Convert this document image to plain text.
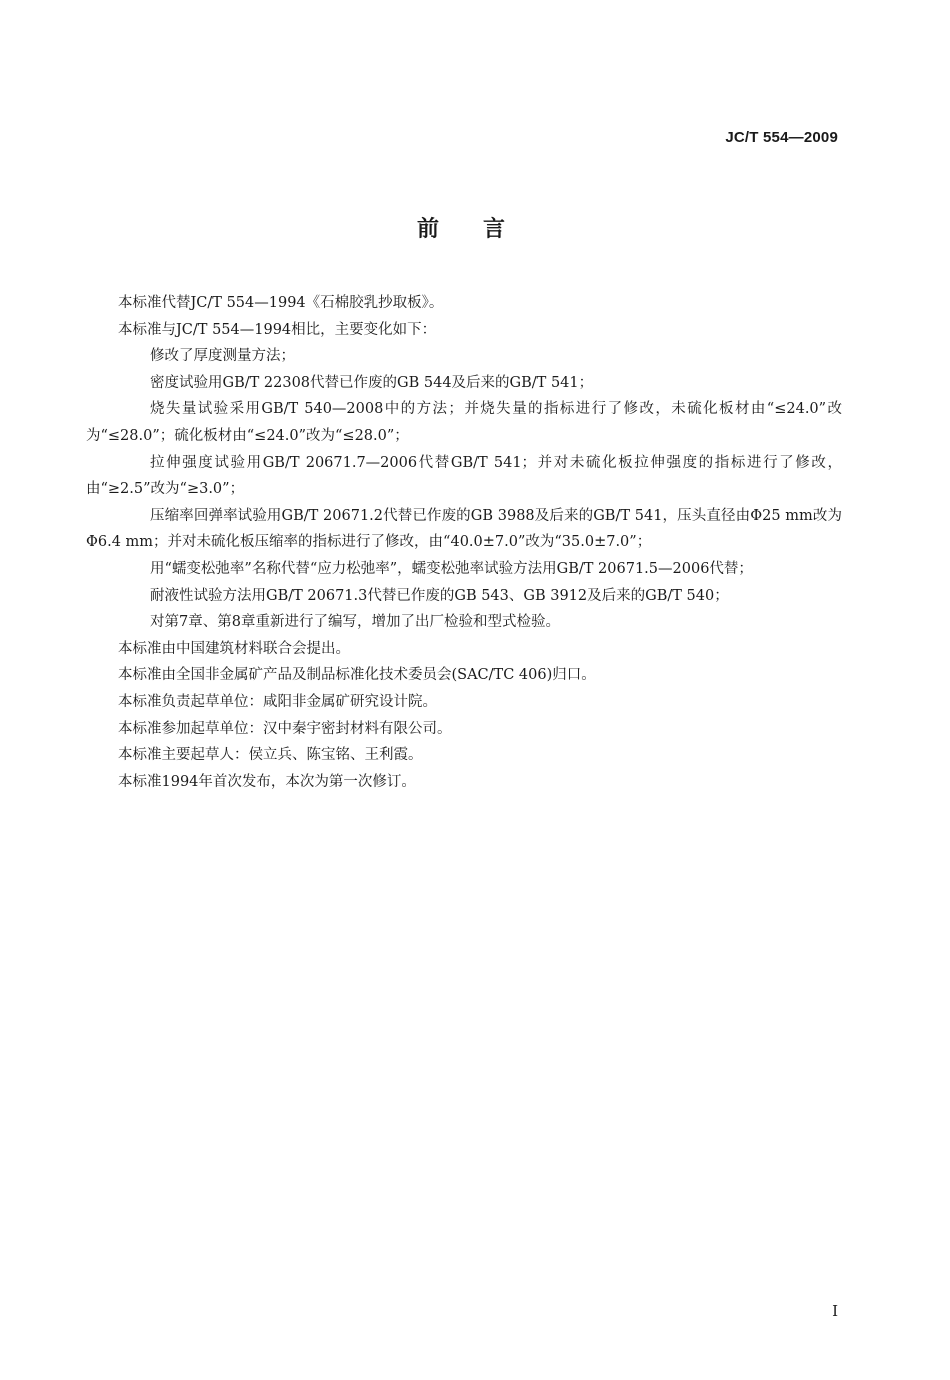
JC/T 554—2009
前言

本标准代替JC/T 554—1994《石棉胶乳抄取板》。

本标准与JC/T 554—1994相比，主要变化如下：

修改了厚度测量方法；

密度试验用GB/T 22308代替已作废的GB 544及后来的GB/T 541；

烧失量试验采用GB/T 540—2008中的方法；并烧失量的指标进行了修改，未硫化板材由“≤24.0”改为“≤28.0”；硫化板材由“≤24.0”改为“≤28.0”；

拉伸强度试验用GB/T 20671.7—2006代替GB/T 541；并对未硫化板拉伸强度的指标进行了修改，由“≥2.5”改为“≥3.0”；

压缩率回弹率试验用GB/T 20671.2代替已作废的GB 3988及后来的GB/T 541，压头直径由Φ25 mm改为Φ6.4 mm；并对未硫化板压缩率的指标进行了修改，由“40.0±7.0”改为“35.0±7.0”；

用“蠕变松弛率”名称代替“应力松弛率”，蠕变松弛率试验方法用GB/T 20671.5—2006代替；

耐液性试验方法用GB/T 20671.3代替已作废的GB 543、GB 3912及后来的GB/T 540；

对第7章、第8章重新进行了编写，增加了出厂检验和型式检验。

本标准由中国建筑材料联合会提出。

本标准由全国非金属矿产品及制品标准化技术委员会(SAC/TC 406)归口。

本标准负责起草单位：咸阳非金属矿研究设计院。

本标准参加起草单位：汉中秦宇密封材料有限公司。

本标准主要起草人：侯立兵、陈宝铭、王利霞。

本标准1994年首次发布，本次为第一次修订。

I
